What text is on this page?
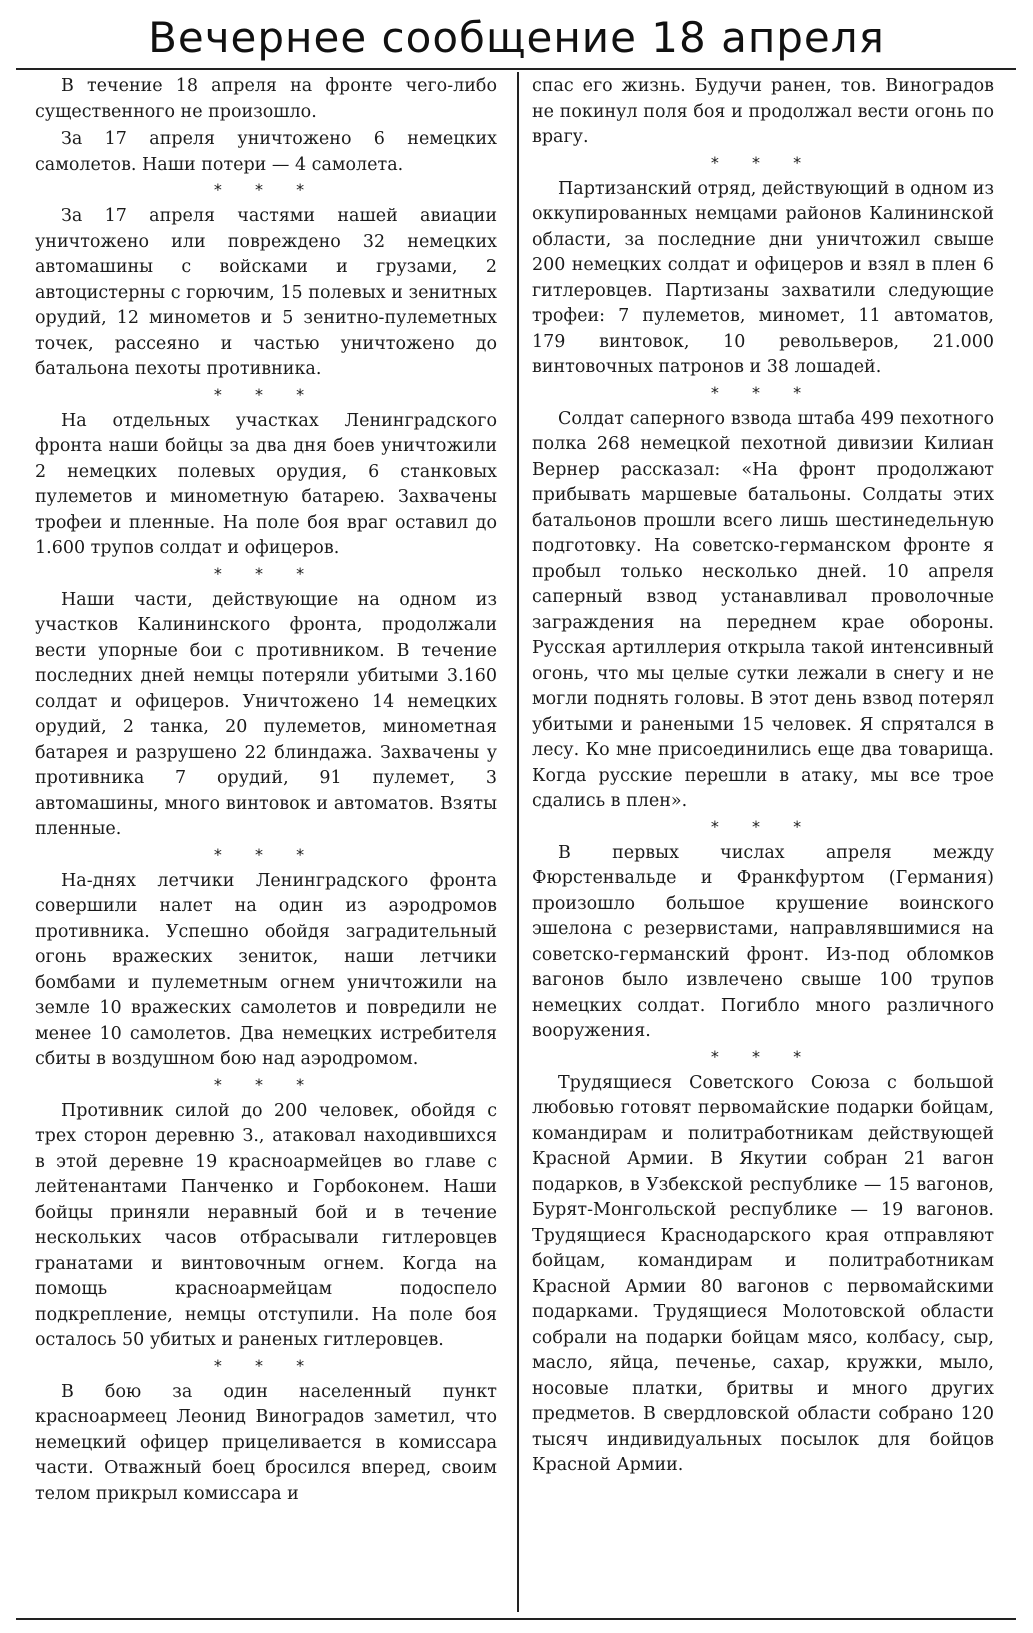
Вечернее сообщение 18 апреля

В течение 18 апреля на фронте чего-либо существенного не произошло.

За 17 апреля уничтожено 6 немецких самолетов. Наши потери — 4 самолета.

* * *

За 17 апреля частями нашей авиации уничтожено или повреждено 32 немецких автомашины с войсками и грузами, 2 автоцистерны с горючим, 15 полевых и зенитных орудий, 12 минометов и 5 зенитно-пулеметных точек, рассеяно и частью уничтожено до батальона пехоты противника.

* * *

На отдельных участках Ленинградского фронта наши бойцы за два дня боев уничтожили 2 немецких полевых орудия, 6 станковых пулеметов и минометную батарею. Захвачены трофеи и пленные. На поле боя враг оставил до 1.600 трупов солдат и офицеров.

* * *

Наши части, действующие на одном из участков Калининского фронта, продолжали вести упорные бои с противником. В течение последних дней немцы потеряли убитыми 3.160 солдат и офицеров. Уничтожено 14 немецких орудий, 2 танка, 20 пулеметов, минометная батарея и разрушено 22 блиндажа. Захвачены у противника 7 орудий, 91 пулемет, 3 автомашины, много винтовок и автоматов. Взяты пленные.

* * *

На-днях летчики Ленинградского фронта совершили налет на один из аэродромов противника. Успешно обойдя заградительный огонь вражеских зениток, наши летчики бомбами и пулеметным огнем уничтожили на земле 10 вражеских самолетов и повредили не менее 10 самолетов. Два немецких истребителя сбиты в воздушном бою над аэродромом.

* * *

Противник силой до 200 человек, обойдя с трех сторон деревню З., атаковал находившихся в этой деревне 19 красноармейцев во главе с лейтенантами Панченко и Горбоконем. Наши бойцы приняли неравный бой и в течение нескольких часов отбрасывали гитлеровцев гранатами и винтовочным огнем. Когда на помощь красноармейцам подоспело подкрепление, немцы отступили. На поле боя осталось 50 убитых и раненых гитлеровцев.

* * *

В бою за один населенный пункт красноармеец Леонид Виноградов заметил, что немецкий офицер прицеливается в комиссара части. Отважный боец бросился вперед, своим телом прикрыл комиссара и

спас его жизнь. Будучи ранен, тов. Виноградов не покинул поля боя и продолжал вести огонь по врагу.

* * *

Партизанский отряд, действующий в одном из оккупированных немцами районов Калининской области, за последние дни уничтожил свыше 200 немецких солдат и офицеров и взял в плен 6 гитлеровцев. Партизаны захватили следующие трофеи: 7 пулеметов, миномет, 11 автоматов, 179 винтовок, 10 револьверов, 21.000 винтовочных патронов и 38 лошадей.

* * *

Солдат саперного взвода штаба 499 пехотного полка 268 немецкой пехотной дивизии Килиан Вернер рассказал: «На фронт продолжают прибывать маршевые батальоны. Солдаты этих батальонов прошли всего лишь шестинедельную подготовку. На советско-германском фронте я пробыл только несколько дней. 10 апреля саперный взвод устанавливал проволочные заграждения на переднем крае обороны. Русская артиллерия открыла такой интенсивный огонь, что мы целые сутки лежали в снегу и не могли поднять головы. В этот день взвод потерял убитыми и ранеными 15 человек. Я спрятался в лесу. Ко мне присоединились еще два товарища. Когда русские перешли в атаку, мы все трое сдались в плен».

* * *

В первых числах апреля между Фюрстенвальде и Франкфуртом (Германия) произошло большое крушение воинского эшелона с резервистами, направлявшимися на советско-германский фронт. Из-под обломков вагонов было извлечено свыше 100 трупов немецких солдат. Погибло много различного вооружения.

* * *

Трудящиеся Советского Союза с большой любовью готовят первомайские подарки бойцам, командирам и политработникам действующей Красной Армии. В Якутии собран 21 вагон подарков, в Узбекской республике — 15 вагонов, Бурят-Монгольской республике — 19 вагонов. Трудящиеся Краснодарского края отправляют бойцам, командирам и политработникам Красной Армии 80 вагонов с первомайскими подарками. Трудящиеся Молотовской области собрали на подарки бойцам мясо, колбасу, сыр, масло, яйца, печенье, сахар, кружки, мыло, носовые платки, бритвы и много других предметов. В свердловской области собрано 120 тысяч индивидуальных посылок для бойцов Красной Армии.
